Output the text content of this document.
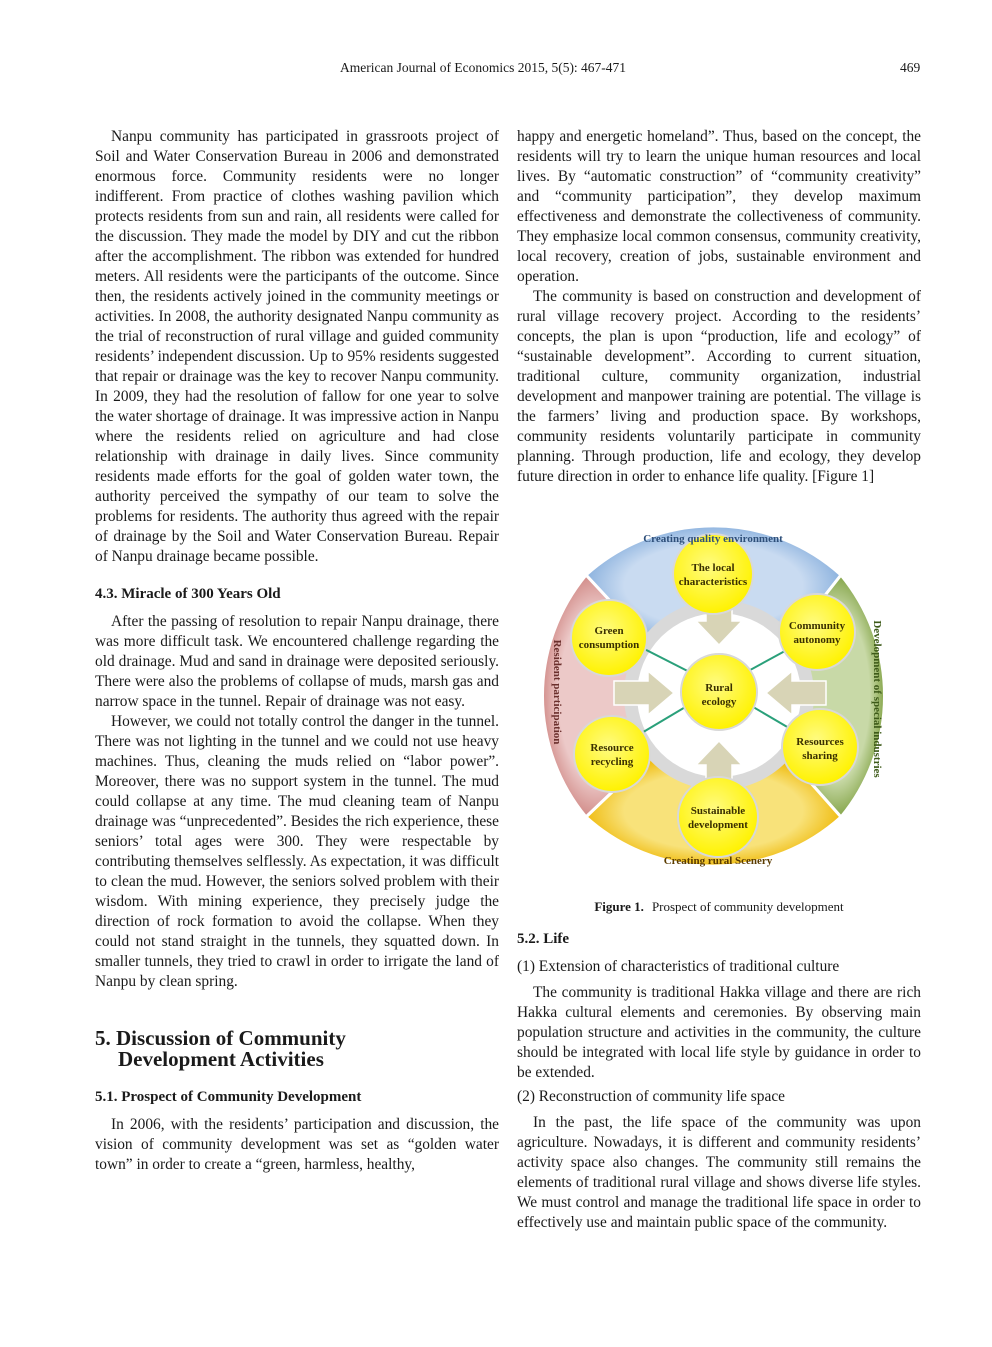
American Journal of Economics 2015, 5(5): 467-471	469

Nanpu community has participated in grassroots project of Soil and Water Conservation Bureau in 2006 and demonstrated enormous force. Community residents were no longer indifferent. From practice of clothes washing pavilion which protects residents from sun and rain, all residents were called for the discussion. They made the model by DIY and cut the ribbon after the accomplishment. The ribbon was extended for hundred meters. All residents were the participants of the outcome. Since then, the residents actively joined in the community meetings or activities. In 2008, the authority designated Nanpu community as the trial of reconstruction of rural village and guided community residents’ independent discussion. Up to 95% residents suggested that repair or drainage was the key to recover Nanpu community. In 2009, they had the resolution of fallow for one year to solve the water shortage of drainage. It was impressive action in Nanpu where the residents relied on agriculture and had close relationship with drainage in daily lives. Since community residents made efforts for the goal of golden water town, the authority perceived the sympathy of our team to solve the problems for residents. The authority thus agreed with the repair of drainage by the Soil and Water Conservation Bureau. Repair of Nanpu drainage became possible.

4.3. Miracle of 300 Years Old

After the passing of resolution to repair Nanpu drainage, there was more difficult task. We encountered challenge regarding the old drainage. Mud and sand in drainage were deposited seriously. There were also the problems of collapse of muds, marsh gas and narrow space in the tunnel. Repair of drainage was not easy.

However, we could not totally control the danger in the tunnel. There was not lighting in the tunnel and we could not use heavy machines. Thus, cleaning the muds relied on “labor power”. Moreover, there was no support system in the tunnel. The mud could collapse at any time. The mud cleaning team of Nanpu drainage was “unprecedented”. Besides the rich experience, these seniors’ total ages were 300. They were respectable by contributing themselves selflessly. As expectation, it was difficult to clean the mud. However, the seniors solved problem with their wisdom. With mining experience, they precisely judge the direction of rock formation to avoid the collapse. When they could not stand straight in the tunnels, they squatted down. In smaller tunnels, they tried to crawl in order to irrigate the land of Nanpu by clean spring.

5. Discussion of Community
Development Activities

5.1. Prospect of Community Development

In 2006, with the residents’ participation and discussion, the vision of community development was set as “golden water town” in order to create a “green, harmless, healthy,

happy and energetic homeland”. Thus, based on the concept, the residents will try to learn the unique human resources and local lives. By “automatic construction” of “community creativity” and “community participation”, they develop maximum effectiveness and demonstrate the collectiveness of community. They emphasize local common consensus, community creativity, local recovery, creation of jobs, sustainable environment and operation.

The community is based on construction and development of rural village recovery project. According to the residents’ concepts, the plan is upon “production, life and ecology” of “sustainable development”. According to current situation, traditional culture, community organization, industrial development and manpower training are potential. The village is the farmers’ living and production space. By workshops, community residents voluntarily participate in community planning. Through production, life and ecology, they develop future direction in order to enhance life quality. [Figure 1]

Rural ecology
The local characteristics
Green consumption
Community autonomy
Resource recycling
Resources sharing
Sustainable development
Creating quality environment
Creating rural Scenery
Resident participation	Development of special industries
Figure 1. Prospect of community development

5.2. Life

(1) Extension of characteristics of traditional culture

The community is traditional Hakka village and there are rich Hakka cultural elements and ceremonies. By observing main population structure and activities in the community, the culture should be integrated with local life style by guidance in order to be extended.

(2) Reconstruction of community life space

In the past, the life space of the community was upon agriculture. Nowadays, it is different and community residents’ activity space also changes. The community still remains the elements of traditional rural village and shows diverse life styles. We must control and manage the traditional life space in order to effectively use and maintain public space of the community.
